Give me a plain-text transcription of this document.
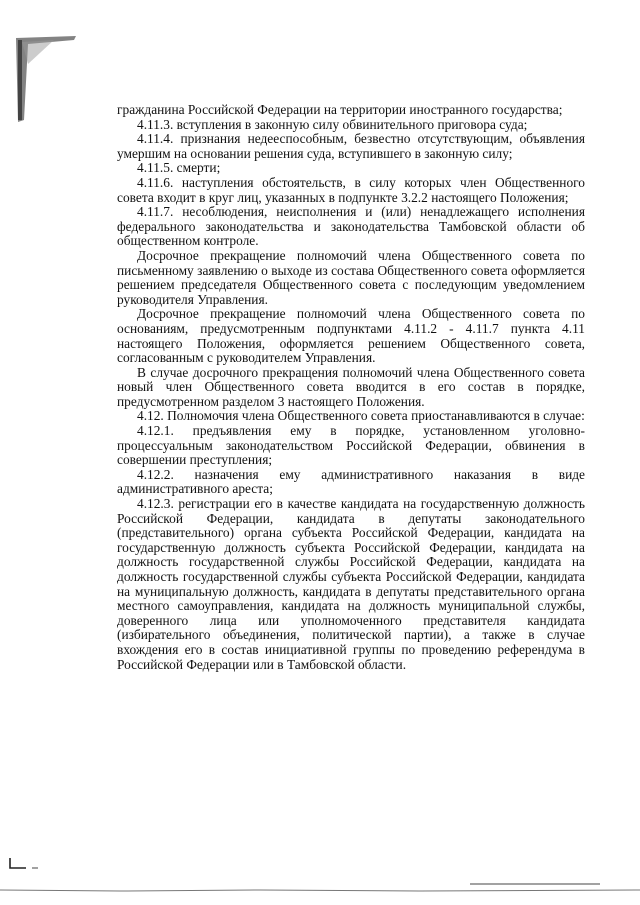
гражданина Российской Федерации на территории иностранного государства;

4.11.3. вступления в законную силу обвинительного приговора суда;

4.11.4. признания недееспособным, безвестно отсутствующим, объявления умершим на основании решения суда, вступившего в законную силу;

4.11.5. смерти;

4.11.6. наступления обстоятельств, в силу которых член Общественного совета входит в круг лиц, указанных в подпункте 3.2.2 настоящего Положения;

4.11.7. несоблюдения, неисполнения и (или) ненадлежащего исполнения федерального законодательства и законодательства Тамбовской области об общественном контроле.

Досрочное прекращение полномочий члена Общественного совета по письменному заявлению о выходе из состава Общественного совета оформляется решением председателя Общественного совета с последующим уведомлением руководителя Управления.

Досрочное прекращение полномочий члена Общественного совета по основаниям, предусмотренным подпунктами 4.11.2 - 4.11.7 пункта 4.11 настоящего Положения, оформляется решением Общественного совета, согласованным с руководителем Управления.

В случае досрочного прекращения полномочий члена Общественного совета новый член Общественного совета вводится в его состав в порядке, предусмотренном разделом 3 настоящего Положения.

4.12. Полномочия члена Общественного совета приостанавливаются в случае:

4.12.1. предъявления ему в порядке, установленном уголовно-процессуальным законодательством Российской Федерации, обвинения в совершении преступления;

4.12.2. назначения ему административного наказания в виде административного ареста;

4.12.3. регистрации его в качестве кандидата на государственную должность Российской Федерации, кандидата в депутаты законодательного (представительного) органа субъекта Российской Федерации, кандидата на государственную должность субъекта Российской Федерации, кандидата на должность государственной службы Российской Федерации, кандидата на должность государственной службы субъекта Российской Федерации, кандидата на муниципальную должность, кандидата в депутаты представительного органа местного самоуправления, кандидата на должность муниципальной службы, доверенного лица или уполномоченного представителя кандидата (избирательного объединения, политической партии), а также в случае вхождения его в состав инициативной группы по проведению референдума в Российской Федерации или в Тамбовской области.
